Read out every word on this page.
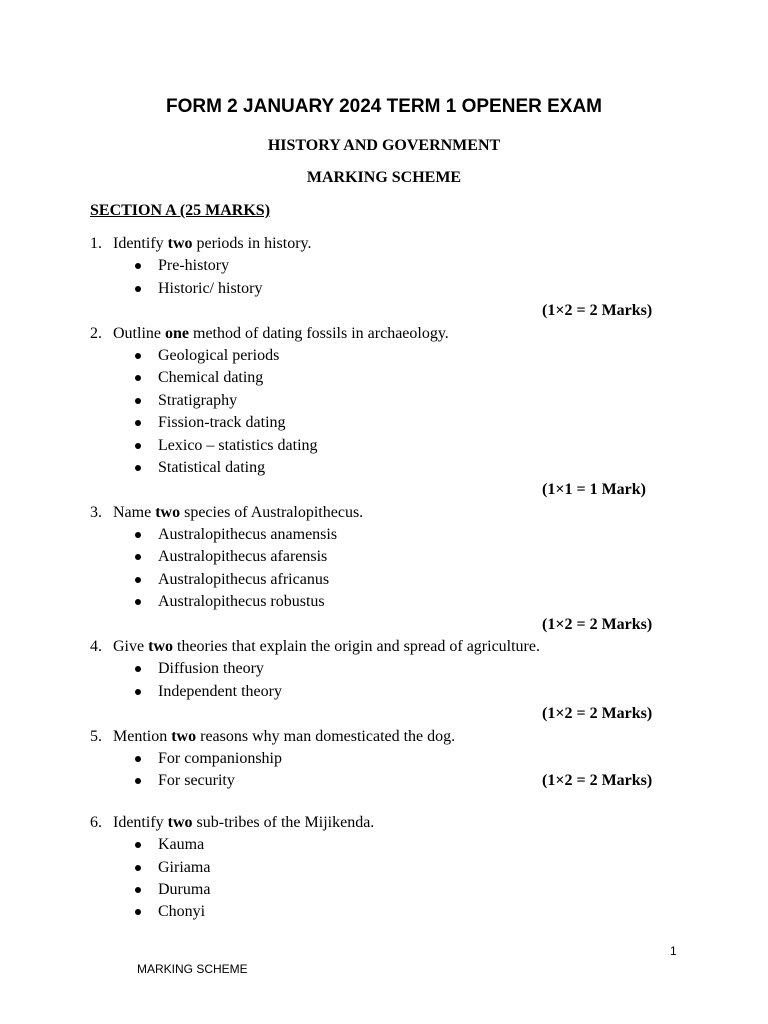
FORM 2 JANUARY 2024 TERM 1 OPENER EXAM
HISTORY AND GOVERNMENT
MARKING SCHEME
SECTION A (25 MARKS)
1. Identify two periods in history.
Pre-history
Historic/ history
(1×2 = 2 Marks)
2. Outline one method of dating fossils in archaeology.
Geological periods
Chemical dating
Stratigraphy
Fission-track dating
Lexico – statistics dating
Statistical dating
(1×1 = 1 Mark)
3. Name two species of Australopithecus.
Australopithecus anamensis
Australopithecus afarensis
Australopithecus africanus
Australopithecus robustus
(1×2 = 2 Marks)
4. Give two theories that explain the origin and spread of agriculture.
Diffusion theory
Independent theory
(1×2 = 2 Marks)
5. Mention two reasons why man domesticated the dog.
For companionship
For security	(1×2 = 2 Marks)
6. Identify two sub-tribes of the Mijikenda.
Kauma
Giriama
Duruma
Chonyi
1
MARKING SCHEME
